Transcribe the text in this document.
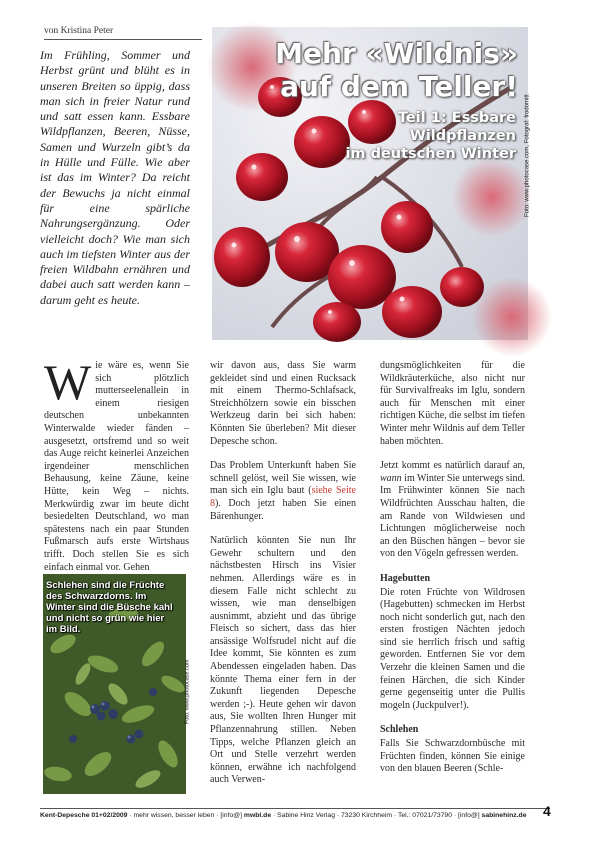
von Kristina Peter
Im Frühling, Sommer und Herbst grünt und blüht es in unseren Breiten so üppig, dass man sich in freier Natur rund und satt essen kann. Essbare Wildpflanzen, Beeren, Nüsse, Samen und Wurzeln gibt’s da in Hülle und Fülle. Wie aber ist das im Winter? Da reicht der Bewuchs ja nicht einmal für eine spärliche Nahrungsergänzung. Oder vielleicht doch? Wie man sich auch im tiefsten Winter aus der freien Wildbahn ernähren und dabei auch satt werden kann – darum geht es heute.
Mehr «Wildnis»
auf dem Teller!
Teil 1: Essbare
Wildpflanzen
im deutschen Winter Foto: www.photocase.com, Fotograf: frodomitt

Wie wäre es, wenn Sie sich plötzlich mutterseelenallein in einem riesigen deutschen unbekannten Winterwalde wieder fänden – ausgesetzt, ortsfremd und so weit das Auge reicht keinerlei Anzeichen irgendeiner menschlichen Behausung, keine Zäune, keine Hütte, kein Weg – nichts. Merkwürdig zwar im heute dicht besiedelten Deutschland, wo man spätestens nach ein paar Stunden Fußmarsch aufs erste Wirtshaus trifft. Doch stellen Sie es sich einfach einmal vor. Gehen

Schlehen sind die Früchte des Schwarzdorns. Im Winter sind die Büsche kahl und nicht so grün wie hier im Bild.
Foto: www.photocase.com

wir davon aus, dass Sie warm gekleidet sind und einen Rucksack mit einem Thermo-Schlafsack, Streichhölzern sowie ein bisschen Werkzeug darin bei sich haben: Könnten Sie überleben? Mit dieser Depesche schon.

Das Problem Unterkunft haben Sie schnell gelöst, weil Sie wissen, wie man sich ein Iglu baut (siehe Seite 8). Doch jetzt haben Sie einen Bärenhunger.

Natürlich könnten Sie nun Ihr Gewehr schultern und den nächstbesten Hirsch ins Visier nehmen. Allerdings wäre es in diesem Falle nicht schlecht zu wissen, wie man denselbigen ausnimmt, abzieht und das übrige Fleisch so sichert, dass das hier ansässige Wolfsrudel nicht auf die Idee kommt, Sie könnten es zum Abendessen eingeladen haben. Das könnte Thema einer fern in der Zukunft liegenden Depesche werden ;-). Heute gehen wir davon aus, Sie wollten Ihren Hunger mit Pflanzennahrung stillen. Neben Tipps, welche Pflanzen gleich an Ort und Stelle verzehrt werden können, erwähne ich nachfolgend auch Verwen-

dungsmöglichkeiten für die Wildkräuterküche, also nicht nur für Survivalfreaks im Iglu, sondern auch für Menschen mit einer richtigen Küche, die selbst im tiefen Winter mehr Wildnis auf dem Teller haben möchten.

Jetzt kommt es natürlich darauf an, wann im Winter Sie unterwegs sind. Im Frühwinter können Sie nach Wildfrüchten Ausschau halten, die am Rande von Wildwiesen und Lichtungen möglicherweise noch an den Büschen hängen – bevor sie von den Vögeln gefressen werden.

Hagebutten

Die roten Früchte von Wildrosen (Hagebutten) schmecken im Herbst noch nicht sonderlich gut, nach den ersten frostigen Nächten jedoch sind sie herrlich frisch und saftig geworden. Entfernen Sie vor dem Verzehr die kleinen Samen und die feinen Härchen, die sich Kinder gerne gegenseitig unter die Pullis mogeln (Juckpulver!).

Schlehen

Falls Sie Schwarzdornbüsche mit Früchten finden, können Sie einige von den blauen Beeren (Schle-

Kent-Depesche 01+02/2009 · mehr wissen, besser leben · [info@] mwbl.de · Sabine Hinz Verlag · 73230 Kirchheim · Tel.: 07021/73790 · [info@] sabinehinz.de	4
